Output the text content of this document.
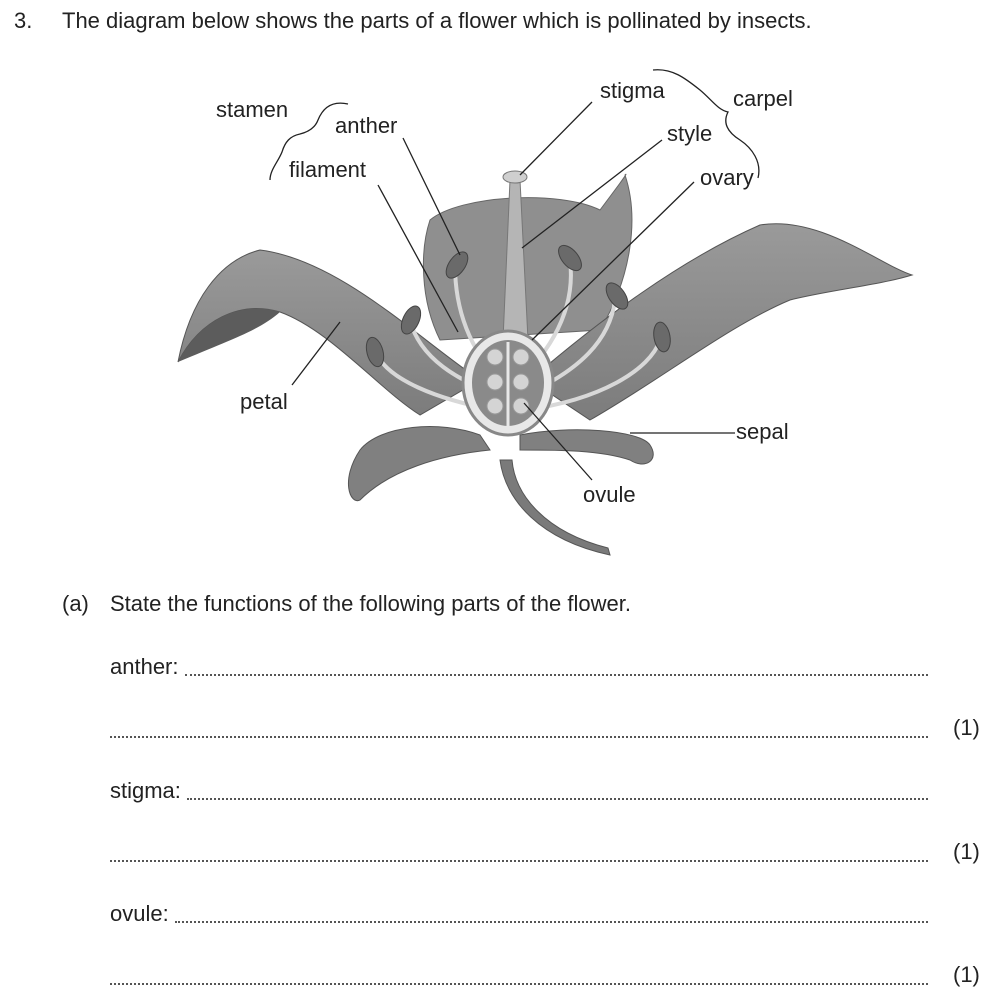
3. The diagram below shows the parts of a flower which is pollinated by insects.
stamen
anther
filament
stigma	carpel
style
ovary
petal
sepal
ovule
(a) State the functions of the following parts of the flower.
anther:
(1)
stigma:
(1)
ovule:
(1)
